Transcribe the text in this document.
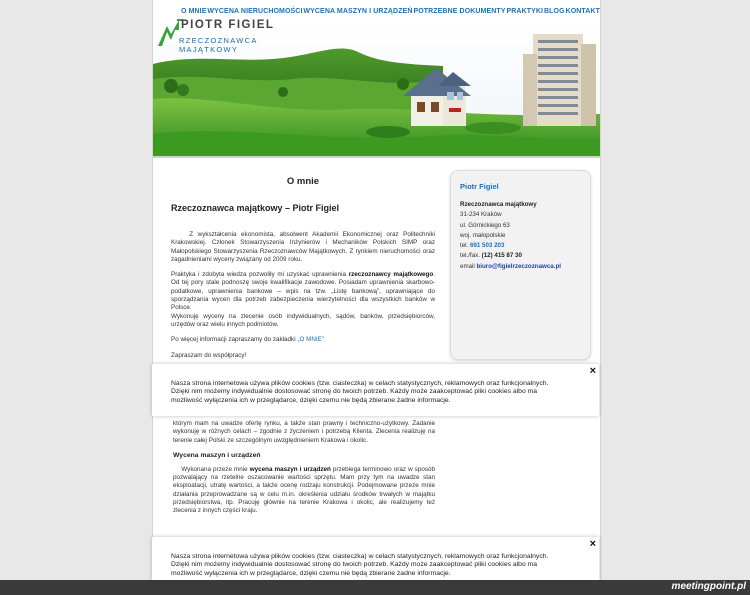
O MNIE WYCENA NIERUCHOMOŚCI WYCENA MASZYN I URZĄDZEŃ POTRZEBNE DOKUMENTY PRAKTYKI BLOG KONTAKT
PIOTR FIGIEL
RZECZOZNAWCA MAJĄTKOWY
O mnie
Rzeczoznawca majątkowy – Piotr Figiel

Z wykształcenia ekonomista, absolwent Akademii Ekonomicznej oraz Politechniki Krakowskiej. Członek Stowarzyszenia Inżynierów i Mechaników Polskich SIMP oraz Małopolskiego Stowarzyszenia Rzeczoznawców Majątkowych. Z rynkiem nieruchomości oraz zagadnieniami wyceny związany od 2009 roku.

Praktyka i zdobyta wiedza pozwoliły mi uzyskać uprawnienia rzeczoznawcy majątkowego. Od tej pory stale podnoszę swoje kwalifikacje zawodowe. Posiadam uprawnienia skarbowo-podatkowe, uprawnienia bankowe – wpis na tzw. „Listę bankową”, uprawniające do sporządzania wycen dla potrzeb zabezpieczenia wierzytelności dla wszystkich banków w Polsce.
Wykonuję wyceny na zlecenie osób indywidualnych, sądów, banków, przedsiębiorców, urzędów oraz wielu innych podmiotów.

Po więcej informacji zapraszamy do zakładki „O MNIE”

Zapraszam do współpracy!

Piotr Figiel
Rzeczoznawca majątkowy
31-234 Kraków
ul. Górnickiego 63
woj. małopolskie
tel. 691 503 203
tel./fax. (12) 415 87 30
email biuro@figielrzeczoznawca.pl

którym mam na uwadze ofertę rynku, a także stan prawny i techniczno-użytkowy. Zadanie wykonuję w różnych celach – zgodnie z życzeniem i potrzebą Klienta. Zlecenia realizuję na terenie całej Polski ze szczególnym uwzględnieniem Krakowa i okolic.

Wycena maszyn i urządzeń

Wykonana przeze mnie wycena maszyn i urządzeń przebiega terminowo oraz w sposób pozwalający na rzetelne oszacowanie wartości sprzętu. Mam przy tym na uwadze stan eksploatacji, utratę wartości, a także ocenę rodzaju konstrukcji. Podejmowane przeze mnie działania przeprowadzane są w celu m.in. określenia udziału środków trwałych w majątku przedsiębiorstwa, itp. Pracuję głównie na terenie Krakowa i okolic, ale realizujemy też zlecenia z innych części kraju.

Nasza strona internetowa używa plików cookies (tzw. ciasteczka) w celach statystycznych, reklamowych oraz funkcjonalnych.
Dzięki nim możemy indywidualnie dostosować stronę do twoich potrzeb. Każdy może zaakceptować pliki cookies albo ma
możliwość wyłączenia ich w przeglądarce, dzięki czemu nie będą zbierane żadne informacje.
×
Nasza strona internetowa używa plików cookies (tzw. ciasteczka) w celach statystycznych, reklamowych oraz funkcjonalnych.
Dzięki nim możemy indywidualnie dostosować stronę do twoich potrzeb. Każdy może zaakceptować pliki cookies albo ma
możliwość wyłączenia ich w przeglądarce, dzięki czemu nie będą zbierane żadne informacje.
×
meetingpoint.pl
